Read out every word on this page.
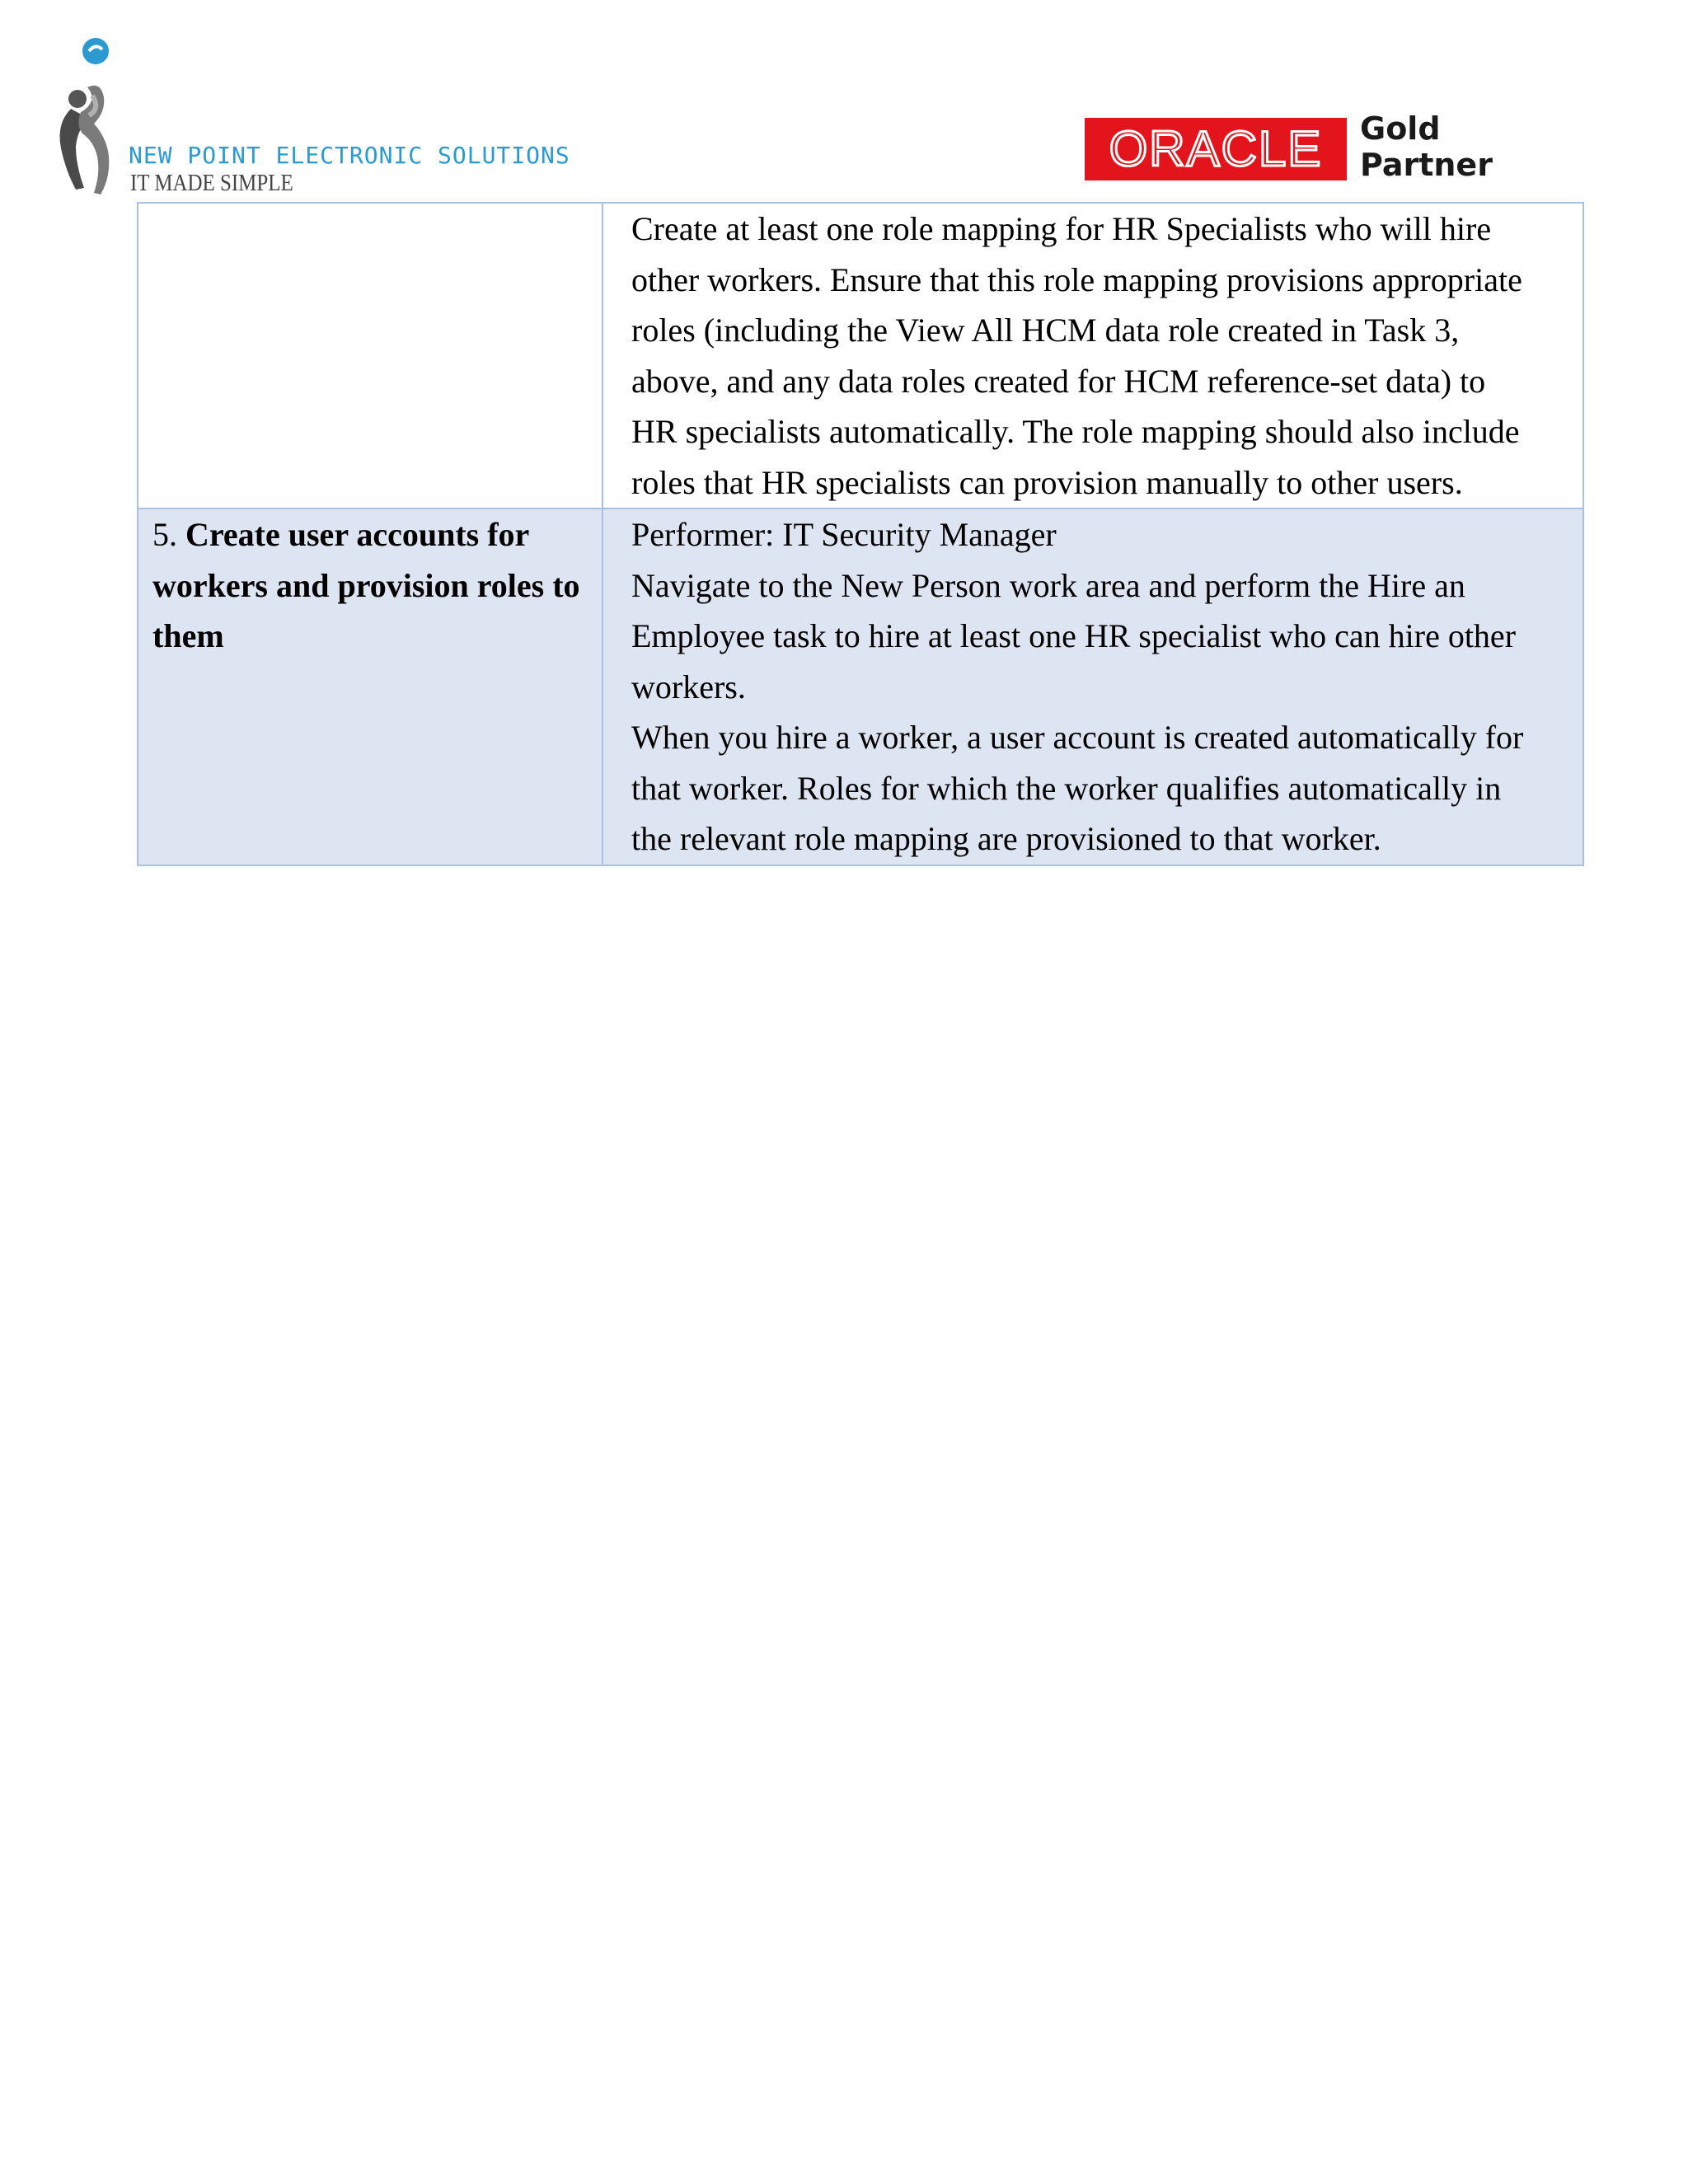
NEW POINT ELECTRONIC SOLUTIONS
IT MADE SIMPLE
ORACLE	Gold
Partner

	Create at least one role mapping for HR Specialists who will hire other workers. Ensure that this role mapping provisions appropriate roles (including the View All HCM data role created in Task 3, above, and any data roles created for HCM reference-set data) to HR specialists automatically. The role mapping should also include roles that HR specialists can provision manually to other users.

5. Create user accounts for workers and provision roles to them	Performer: IT Security Manager
Navigate to the New Person work area and perform the Hire an Employee task to hire at least one HR specialist who can hire other workers.
When you hire a worker, a user account is created automatically for that worker. Roles for which the worker qualifies automatically in the relevant role mapping are provisioned to that worker.
